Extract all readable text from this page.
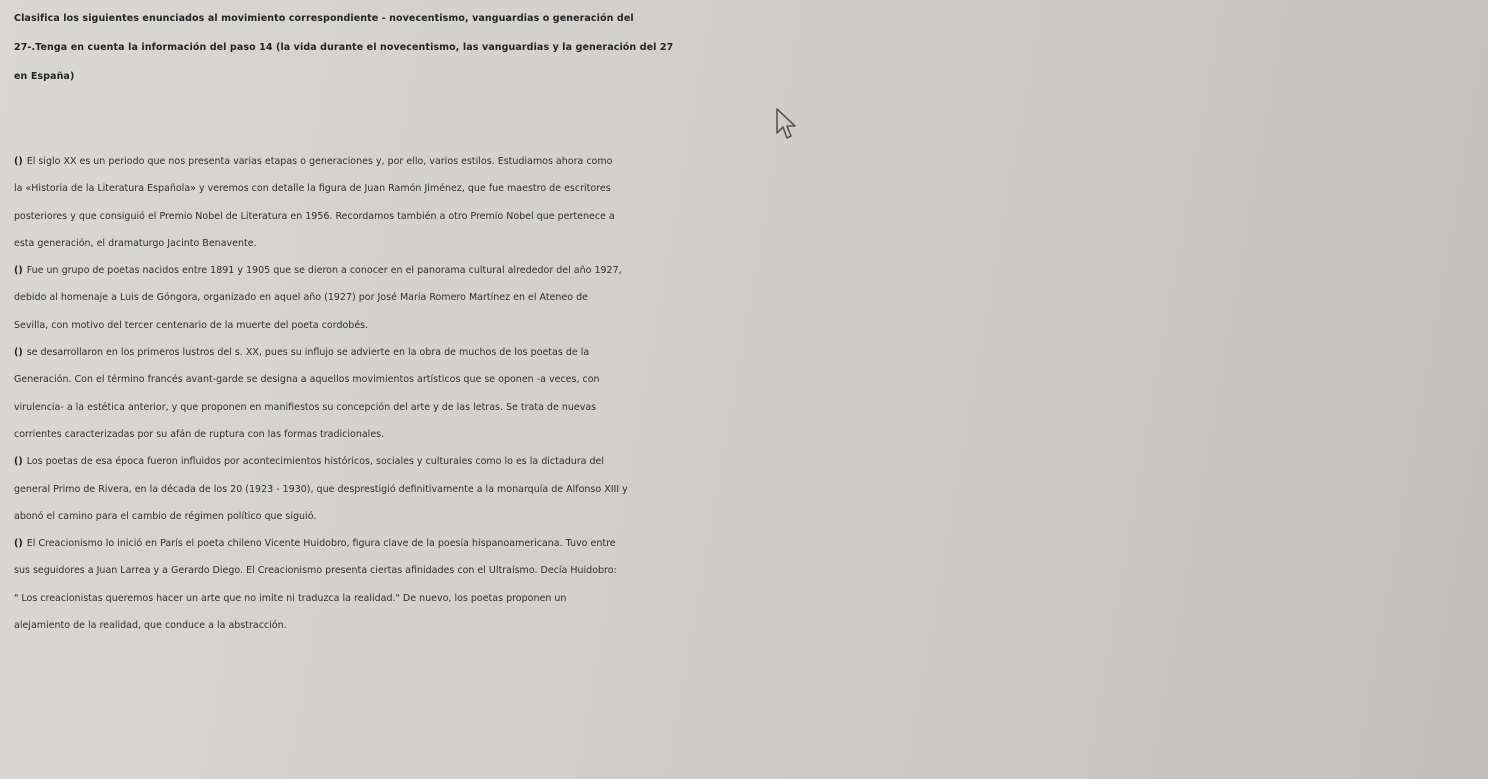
Clasifica los siguientes enunciados al movimiento correspondiente - novecentismo, vanguardias o generación del
27-.Tenga en cuenta la información del paso 14 (la vida durante el novecentismo, las vanguardias y la generación del 27
en España)
() El siglo XX es un periodo que nos presenta varias etapas o generaciones y, por ello, varios estilos. Estudiamos ahora como
la «Historia de la Literatura Española» y veremos con detalle la figura de Juan Ramón Jiménez, que fue maestro de escritores
posteriores y que consiguió el Premio Nobel de Literatura en 1956. Recordamos también a otro Premio Nobel que pertenece a
esta generación, el dramaturgo Jacinto Benavente.
() Fue un grupo de poetas nacidos entre 1891 y 1905 que se dieron a conocer en el panorama cultural alrededor del año 1927,
debido al homenaje a Luis de Góngora, organizado en aquel año (1927) por José María Romero Martínez en el Ateneo de
Sevilla, con motivo del tercer centenario de la muerte del poeta cordobés.
() se desarrollaron en los primeros lustros del s. XX, pues su influjo se advierte en la obra de muchos de los poetas de la
Generación. Con el término francés avant-garde se designa a aquellos movimientos artísticos que se oponen -a veces, con
virulencia- a la estética anterior, y que proponen en manifiestos su concepción del arte y de las letras. Se trata de nuevas
corrientes caracterizadas por su afán de ruptura con las formas tradicionales.
() Los poetas de esa época fueron influidos por acontecimientos históricos, sociales y culturales como lo es la dictadura del
general Primo de Rivera, en la década de los 20 (1923 - 1930), que desprestigió definitivamente a la monarquía de Alfonso XIII y
abonó el camino para el cambio de régimen político que siguió.
() El Creacionismo lo inició en París el poeta chileno Vicente Huidobro, figura clave de la poesía hispanoamericana. Tuvo entre
sus seguidores a Juan Larrea y a Gerardo Diego. El Creacionismo presenta ciertas afinidades con el Ultraísmo. Decía Huidobro:
" Los creacionistas queremos hacer un arte que no imite ni traduzca la realidad." De nuevo, los poetas proponen un
alejamiento de la realidad, que conduce a la abstracción.
